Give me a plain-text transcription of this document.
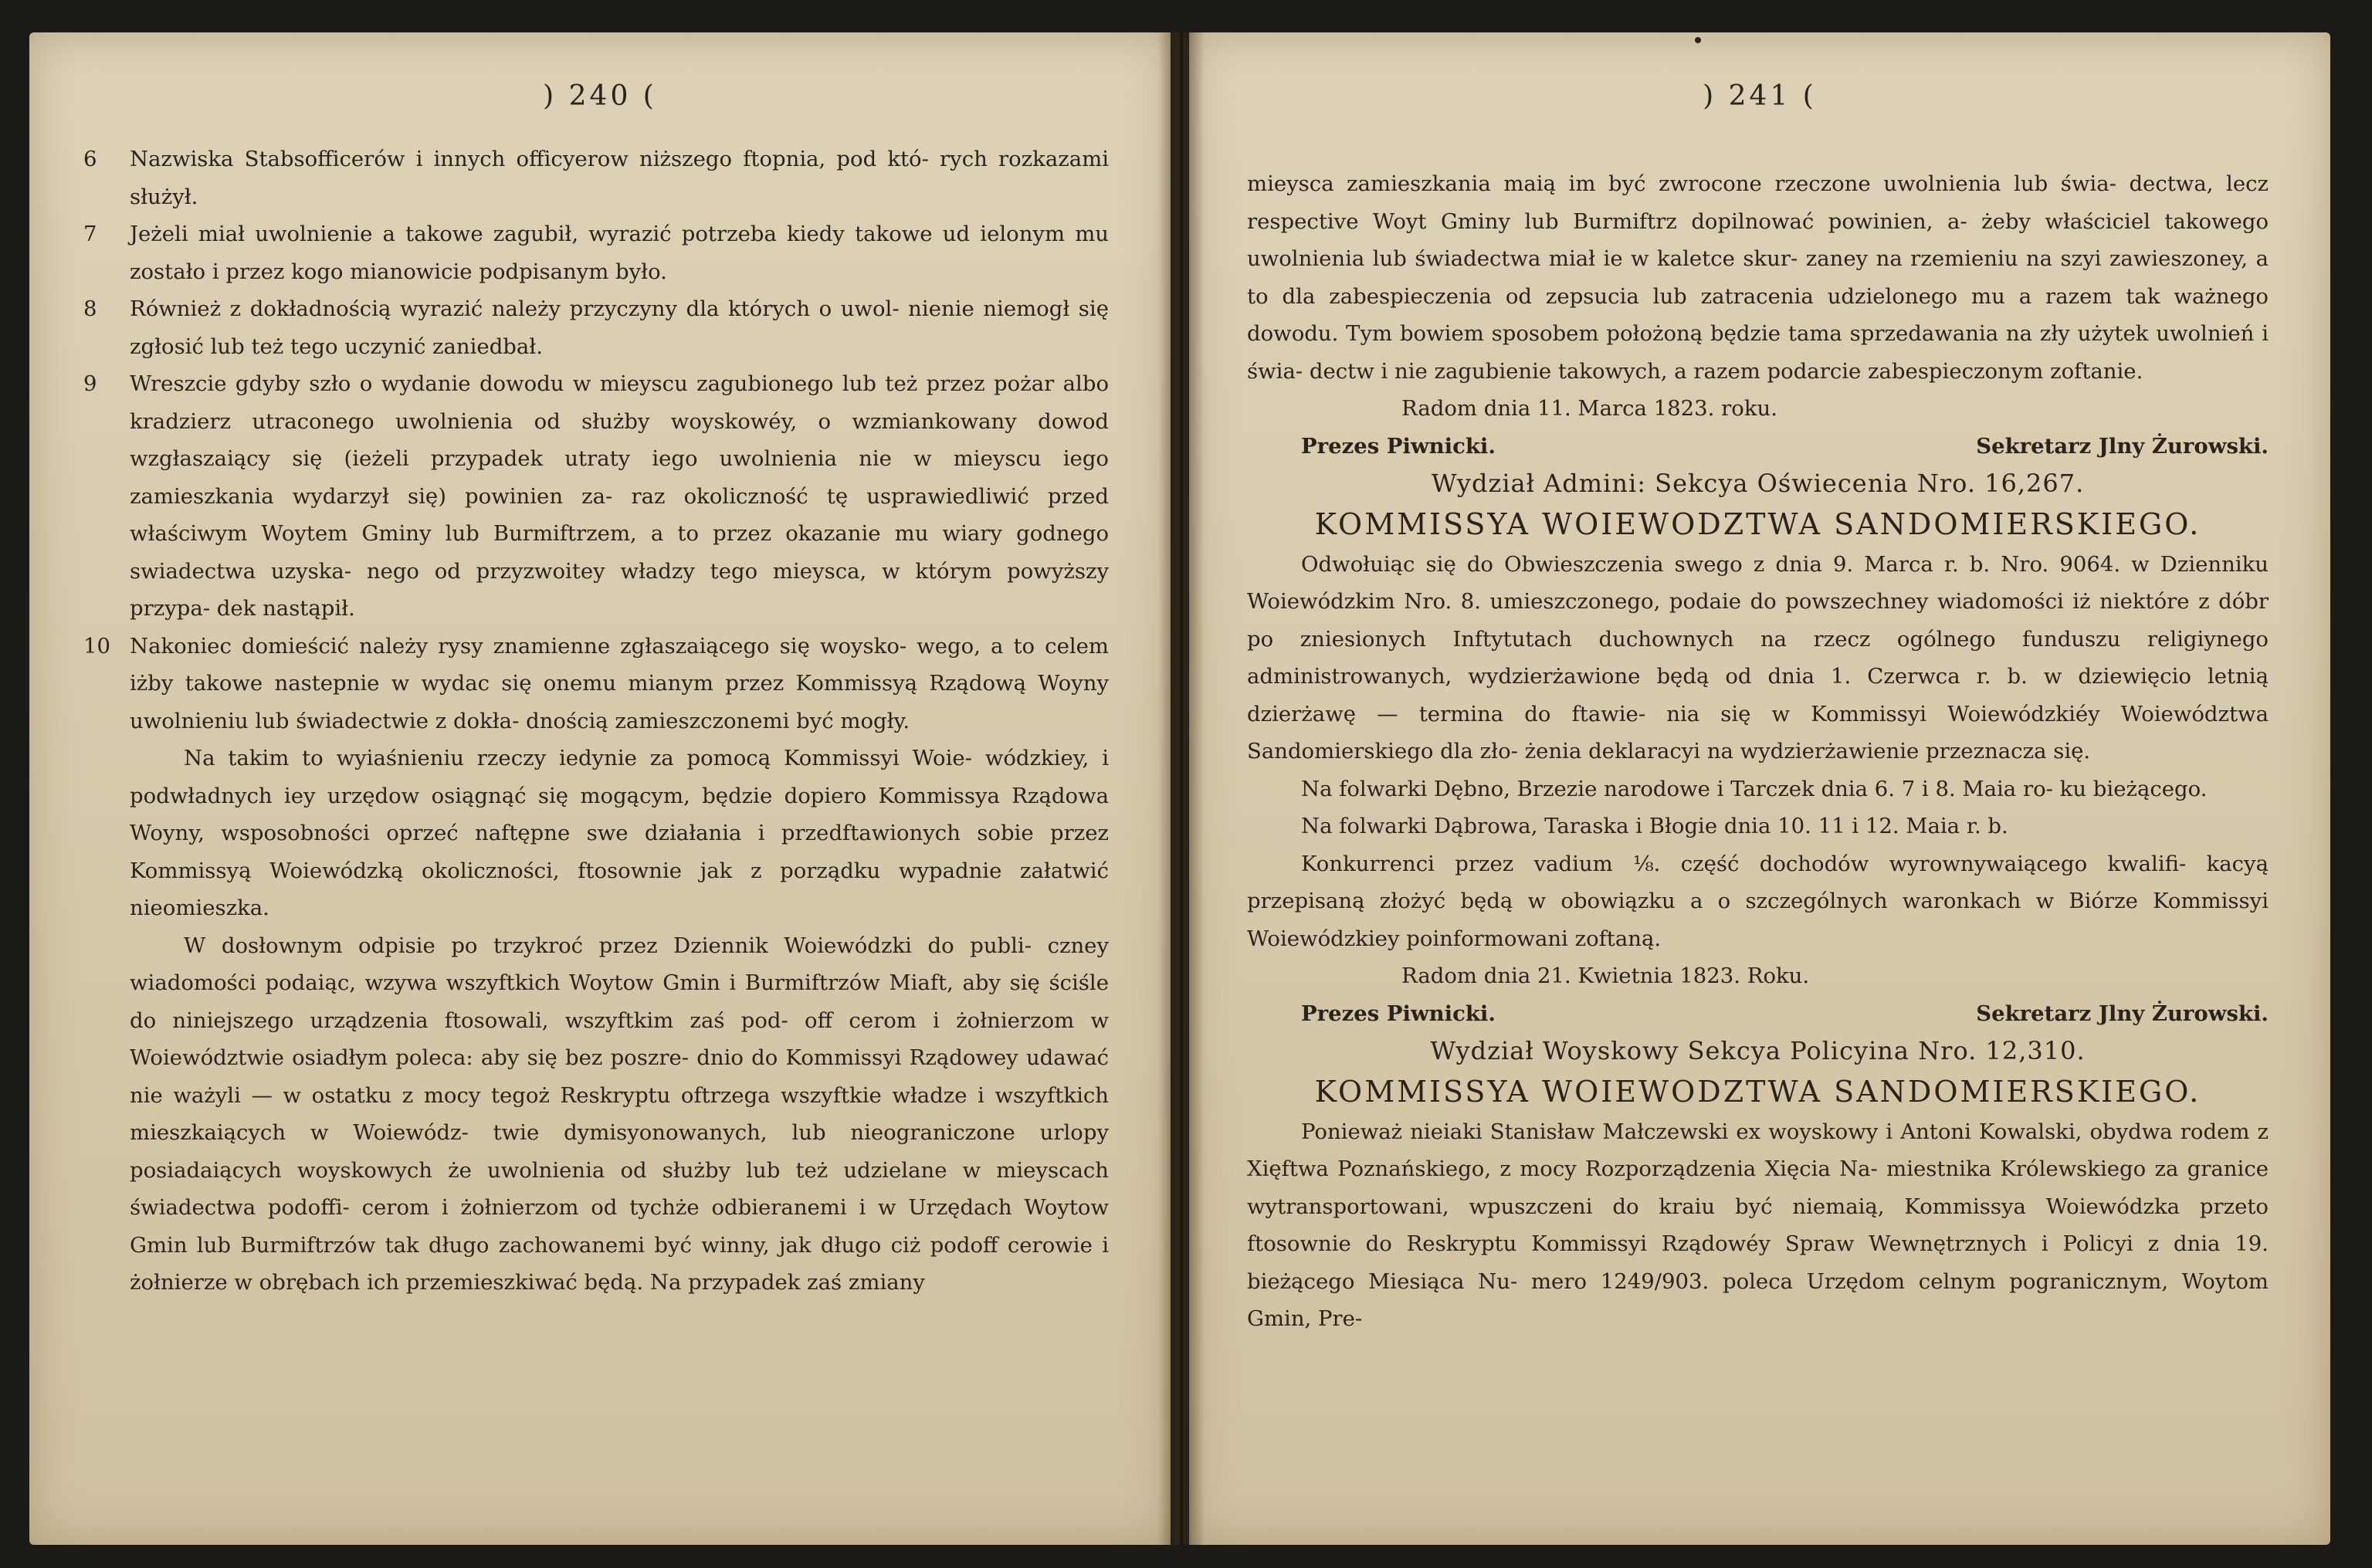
) 240 (
6	Nazwiska Stabsofficerów i innych officyerow niższego ftopnia, pod któ- rych rozkazami służył.
7	Jeżeli miał uwolnienie a takowe zagubił, wyrazić potrzeba kiedy takowe ud ielonym mu zostało i przez kogo mianowicie podpisanym było.
8	Również z dokładnością wyrazić należy przyczyny dla których o uwol- nienie niemogł się zgłosić lub też tego uczynić zaniedbał.
9	Wreszcie gdyby szło o wydanie dowodu w mieyscu zagubionego lub też przez pożar albo kradzierz utraconego uwolnienia od służby woyskowéy, o wzmiankowany dowod wzgłaszaiący się (ieżeli przypadek utraty iego uwolnienia nie w mieyscu iego zamieszkania wydarzył się) powinien za- raz okoliczność tę usprawiedliwić przed właściwym Woytem Gminy lub Burmiftrzem, a to przez okazanie mu wiary godnego swiadectwa uzyska- nego od przyzwoitey władzy tego mieysca, w którym powyższy przypa- dek nastąpił.
10 Nakoniec domieścić należy rysy znamienne zgłaszaiącego się woysko- wego, a to celem iżby takowe nastepnie w wydac się onemu mianym przez Kommissyą Rządową Woyny uwolnieniu lub świadectwie z dokła- dnością zamieszczonemi być mogły.
Na takim to wyiaśnieniu rzeczy iedynie za pomocą Kommissyi Woie- wódzkiey, i podwładnych iey urzędow osiągnąć się mogącym, będzie dopiero Kommissya Rządowa Woyny, wsposobności oprzeć naftępne swe działania i przedftawionych sobie przez Kommissyą Woiewódzką okoliczności, ftosownie jak z porządku wypadnie załatwić nieomieszka.
W dosłownym odpisie po trzykroć przez Dziennik Woiewódzki do publi- czney wiadomości podaiąc, wzywa wszyftkich Woytow Gmin i Burmiftrzów Miaft, aby się ściśle do niniejszego urządzenia ftosowali, wszyftkim zaś pod- off cerom i żołnierzom w Woiewództwie osiadłym poleca: aby się bez poszre- dnio do Kommissyi Rządowey udawać nie ważyli — w ostatku z mocy tegoż Reskryptu oftrzega wszyftkie władze i wszyftkich mieszkaiących w Woiewódz- twie dymisyonowanych, lub nieograniczone urlopy posiadaiących woyskowych że uwolnienia od służby lub też udzielane w mieyscach świadectwa podoffi- cerom i żołnierzom od tychże odbieranemi i w Urzędach Woytow Gmin lub Burmiftrzów tak długo zachowanemi być winny, jak długo ciż podoff cerowie i żołnierze w obrębach ich przemieszkiwać będą. Na przypadek zaś zmiany
) 241 (
mieysca zamieszkania maią im być zwrocone rzeczone uwolnienia lub świa- dectwa, lecz respective Woyt Gminy lub Burmiftrz dopilnować powinien, a- żeby właściciel takowego uwolnienia lub świadectwa miał ie w kaletce skur- zaney na rzemieniu na szyi zawieszoney, a to dla zabespieczenia od zepsucia lub zatracenia udzielonego mu a razem tak ważnego dowodu. Tym bowiem sposobem położoną będzie tama sprzedawania na zły użytek uwolnień i świa- dectw i nie zagubienie takowych, a razem podarcie zabespieczonym zoftanie.
Radom dnia 11. Marca 1823. roku.
Prezes Piwnicki.	Sekretarz Jlny Żurowski.
Wydział Admini: Sekcya Oświecenia Nro. 16,267.
KOMMISSYA WOIEWODZTWA SANDOMIERSKIEGO.
Odwołuiąc się do Obwieszczenia swego z dnia 9. Marca r. b. Nro. 9064. w Dzienniku Woiewódzkim Nro. 8. umieszczonego, podaie do powszechney wiadomości iż niektóre z dóbr po zniesionych Inftytutach duchownych na rzecz ogólnego funduszu religiynego administrowanych, wydzierżawione będą od dnia 1. Czerwca r. b. w dziewięcio letnią dzierżawę — termina do ftawie- nia się w Kommissyi Woiewódzkiéy Woiewództwa Sandomierskiego dla zło- żenia deklaracyi na wydzierżawienie przeznacza się.
Na folwarki Dębno, Brzezie narodowe i Tarczek dnia 6. 7 i 8. Maia ro- ku bieżącego.
Na folwarki Dąbrowa, Taraska i Błogie dnia 10. 11 i 12. Maia r. b.
Konkurrenci przez vadium ⅛. część dochodów wyrownywaiącego kwalifi- kacyą przepisaną złożyć będą w obowiązku a o szczególnych waronkach w Biórze Kommissyi Woiewódzkiey poinformowani zoftaną.
Radom dnia 21. Kwietnia 1823. Roku.
Prezes Piwnicki.	Sekretarz Jlny Żurowski.
Wydział Woyskowy Sekcya Policyina Nro. 12,310.
KOMMISSYA WOIEWODZTWA SANDOMIERSKIEGO.
Ponieważ nieiaki Stanisław Małczewski ex woyskowy i Antoni Kowalski, obydwa rodem z Xięftwa Poznańskiego, z mocy Rozporządzenia Xięcia Na- miestnika Królewskiego za granice wytransportowani, wpuszczeni do kraiu być niemaią, Kommissya Woiewódzka przeto ftosownie do Reskryptu Kommissyi Rządowéy Spraw Wewnętrznych i Policyi z dnia 19. bieżącego Miesiąca Nu- mero 1249/903. poleca Urzędom celnym pogranicznym, Woytom Gmin, Pre-
